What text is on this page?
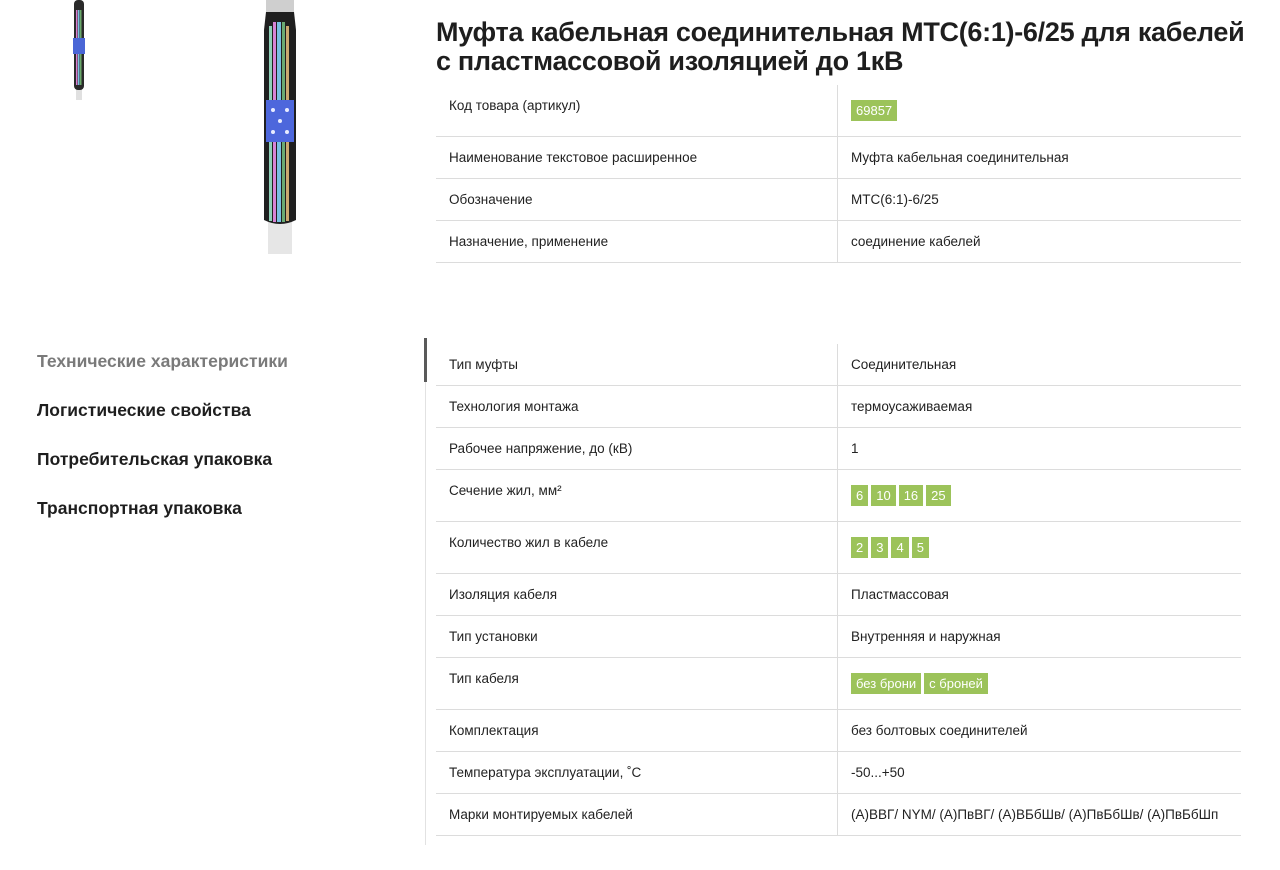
Муфта кабельная соединительная МТС(6:1)-6/25 для кабелей с пластмассовой изоляцией до 1кВ
Код товара (артикул)	69857
Наименование текстовое расширенное	Муфта кабельная соединительная
Обозначение	МТС(6:1)-6/25
Назначение, применение	соединение кабелей
Технические характеристики
Логистические свойства
Потребительская упаковка
Транспортная упаковка
Тип муфты	Соединительная
Технология монтажа	термоусаживаемая
Рабочее напряжение, до (кВ)	1
Сечение жил, мм²	6	10	16	25
Количество жил в кабеле	2	3	4	5
Изоляция кабеля	Пластмассовая
Тип установки	Внутренняя и наружная
Тип кабеля	без брони	с броней
Комплектация	без болтовых соединителей
Температура эксплуатации, ˚С	-50...+50
Марки монтируемых кабелей	(А)ВВГ/ NYM/ (А)ПвВГ/ (А)ВБбШв/ (А)ПвБбШв/ (А)ПвБбШп
